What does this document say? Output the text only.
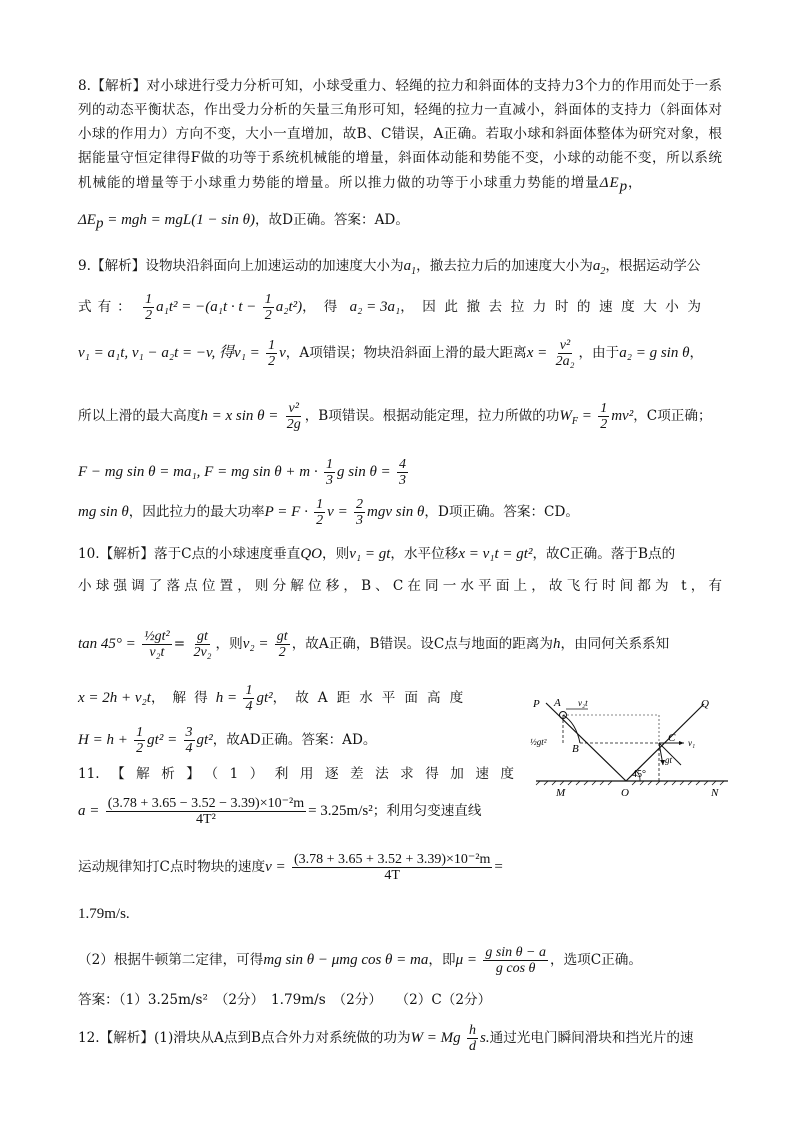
8.【解析】对小球进行受力分析可知，小球受重力、轻绳的拉力和斜面体的支持力3个力的作用而处于一系
列的动态平衡状态，作出受力分析的矢量三角形可知，轻绳的拉力一直减小，斜面体的支持力（斜面体对
小球的作用力）方向不变，大小一直增加，故B、C错误，A正确。若取小球和斜面体整体为研究对象，根
据能量守恒定律得F做的功等于系统机械能的增量，斜面体动能和势能不变，小球的动能不变，所以系统
机械能的增量等于小球重力势能的增量。所以推力做的功等于小球重力势能的增量$\Delta E_p$，
$\Delta E_p$ = mgh = mgL(1 − sin θ)，故D正确。答案：AD。
9.【解析】设物块沿斜面向上加速运动的加速度大小为$a_1$，撤去拉力后的加速度大小为$a_2$，根据运动学公
式有： $\frac{1}{2} a_1t^2 = -(a_1t \cdot t - \frac{1}{2} a_2t^2)$，得 a₂ = 3a₁，因此撤去拉力时的速度大小为
v₁ = a₁t, v₁ − a₂t = −v, 得$v_1 = \frac{1}{2}$ v，A项错误；物块沿斜面上滑的最大距离$x = \frac{\text{v²}}{\text{2a₂}}$ ，由于a₂ = g sin θ，
所以上滑的最大高度h = x $\sin \theta = \frac{\text{v²}}{2g}$ ，B项错误。根据动能定理，拉力所做的功$W_F = \frac{1}{2} mv^2$，C项正确；
F − mg sin θ = ma₁, F = mg $\sin \theta + m \cdot \frac{1}{3}$ g $\sin \theta = \frac{4}{3}$
mg sin θ，因此拉力的最大功率$P = F \cdot \frac{1}{2}$ $v = \frac{2}{3}$ mgv sin θ，D项正确。答案：CD。
10.【解析】落于C点的小球速度垂直QO，则v₁ = gt，水平位移x = v₁t = gt²，故C正确。落于B点的
小球强调了落点位置，则分解位移，B、C在同一水平面上，故飞行时间都为 t，有
$\tan 45^\circ = \frac{\text{½gt²}}{\text{v₂t}} = \frac{gt}{\text{2v₂}}$ ，则$v_2 = \frac{gt}{2}$ ，故A正确，B错误。设C点与地面的距离为h，由同何关系系知
x = 2h + v₂t，解得$h = \frac{1}{4} gt^2$，故A距水平面高度
$H = h + \frac{1}{2} gt^2 = \frac{3}{4} gt^2$，故AD正确。答案：AD。
P A v₂t	Q
½gt²
B
C v₁
gt
45°
M	O	N
11.【解析】（1）利用逐差法求得加速度
$a = \frac{\text{(3.78 + 3.65 − 3.52 − 3.39)×10⁻²m}}{\text{4T²}} = 3.25m/s^2$；利用匀变速直线
运动规律知打C点时物块的速度$v = \frac{\text{(3.78 + 3.65 + 3.52 + 3.39)×10⁻²m}}{4T}$ =
1.79m/s.
（2）根据牛顿第二定律，可得mg sin θ − μmg cos θ = ma，即$\mu = \frac{\text{g sin θ − a}}{\text{g cos θ}}$ ，选项C正确。
答案：（1）3.25m/s²　（2分）　1.79m/s　（2分）　　（2）C（2分）
12.【解析】(1)滑块从A点到B点合外力对系统做的功为W = Mg $\frac{h}{d} s$.通过光电门瞬间滑块和挡光片的速
